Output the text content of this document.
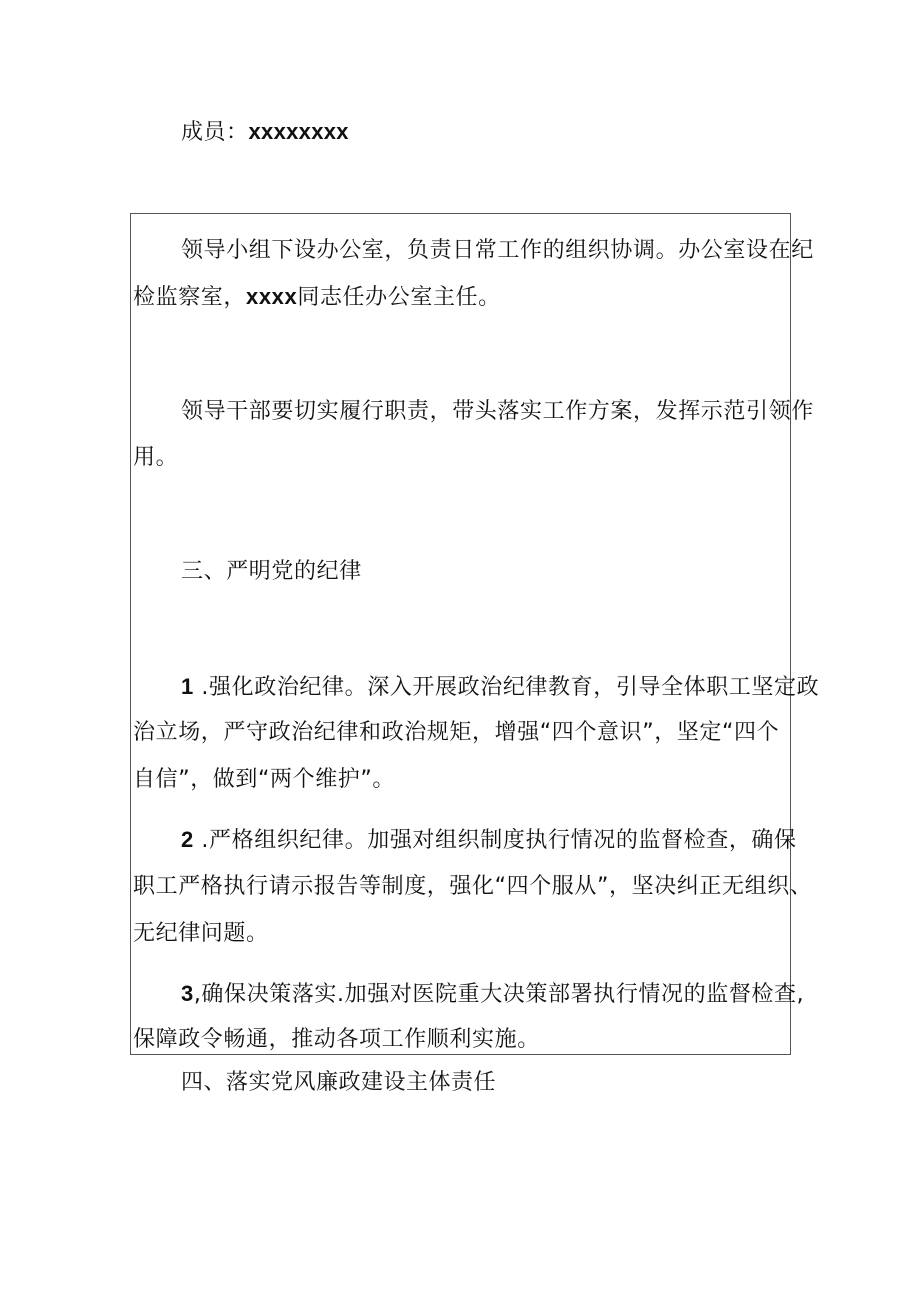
成员：xxxxxxxx
领导小组下设办公室，负责日常工作的组织协调。办公室设在纪
检监察室，xxxx同志任办公室主任。
领导干部要切实履行职责，带头落实工作方案，发挥示范引领作
用。
三、严明党的纪律
1 .强化政治纪律。深入开展政治纪律教育，引导全体职工坚定政
治立场，严守政治纪律和政治规矩，增强“四个意识”，坚定“四个
自信”，做到“两个维护”。
2 .严格组织纪律。加强对组织制度执行情况的监督检查，确保
职工严格执行请示报告等制度，强化“四个服从”，坚决纠正无组织、
无纪律问题。
3,确保决策落实.加强对医院重大决策部署执行情况的监督检查,
保障政令畅通，推动各项工作顺利实施。
四、落实党风廉政建设主体责任
